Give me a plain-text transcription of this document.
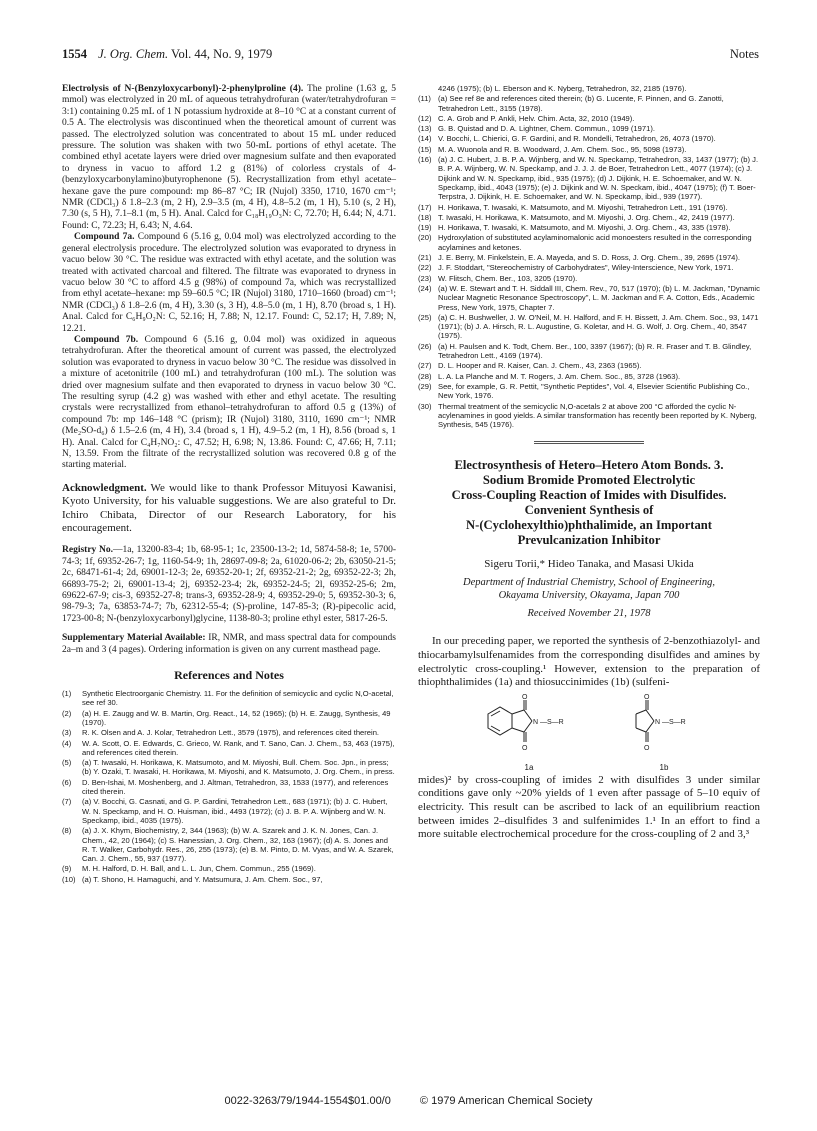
1554 J. Org. Chem. Vol. 44, No. 9, 1979	Notes

Electrolysis of N-(Benzyloxycarbonyl)-2-phenylproline (4). The proline (1.63 g, 5 mmol) was electrolyzed in 20 mL of aqueous tetrahydrofuran (water/tetrahydrofuran = 3:1) containing 0.25 mL of 1 N potassium hydroxide at 8–10 °C at a constant current of 0.5 A. The electrolysis was discontinued when the theoretical amount of current was passed. The electrolyzed solution was concentrated to about 15 mL under reduced pressure. The solution was shaken with two 50-mL portions of ethyl acetate. The combined ethyl acetate layers were dried over magnesium sulfate and then evaporated to dryness in vacuo to afford 1.2 g (81%) of colorless crystals of 4-(benzyloxycarbonylamino)butyrophenone (5). Recrystallization from ethyl acetate–hexane gave the pure compound: mp 86–87 °C; IR (Nujol) 3350, 1710, 1670 cm⁻¹; NMR (CDCl₃) δ 1.8–2.3 (m, 2 H), 2.9–3.5 (m, 4 H), 4.8–5.2 (m, 1 H), 5.10 (s, 2 H), 7.30 (s, 5 H), 7.1–8.1 (m, 5 H). Anal. Calcd for C₁₈H₁₉O₃N: C, 72.70; H, 6.44; N, 4.71. Found: C, 72.23; H, 6.43; N, 4.64.

Compound 7a. Compound 6 (5.16 g, 0.04 mol) was electrolyzed according to the general electrolysis procedure. The electrolyzed solution was evaporated to dryness in vacuo below 30 °C. The residue was extracted with ethyl acetate, and the solution was treated with activated charcoal and filtered. The filtrate was evaporated to dryness in vacuo below 30 °C to afford 4.5 g (98%) of compound 7a, which was recrystallized from ethyl acetate–hexane: mp 59–60.5 °C; IR (Nujol) 3180, 1710–1660 (broad) cm⁻¹; NMR (CDCl₃) δ 1.8–2.6 (m, 4 H), 3.30 (s, 3 H), 4.8–5.0 (m, 1 H), 8.70 (broad s, 1 H). Anal. Calcd for C₆H₉O₂N: C, 52.16; H, 7.88; N, 12.17. Found: C, 52.17; H, 7.89; N, 12.21.

Compound 7b. Compound 6 (5.16 g, 0.04 mol) was oxidized in aqueous tetrahydrofuran. After the theoretical amount of current was passed, the electrolyzed solution was evaporated to dryness in vacuo below 30 °C. The residue was dissolved in a mixture of acetonitrile (100 mL) and tetrahydrofuran (100 mL). The solution was dried over magnesium sulfate and then evaporated to dryness in vacuo below 30 °C. The resulting syrup (4.2 g) was washed with ether and ethyl acetate. The resulting crystals were recrystallized from ethanol–tetrahydrofuran to afford 0.5 g (13%) of compound 7b: mp 146–148 °C (prism); IR (Nujol) 3180, 3110, 1690 cm⁻¹; NMR (Me₂SO-d₆) δ 1.5–2.6 (m, 4 H), 3.4 (broad s, 1 H), 4.9–5.2 (m, 1 H), 8.56 (broad s, 1 H). Anal. Calcd for C₄H₇NO₂: C, 47.52; H, 6.98; N, 13.86. Found: C, 47.66; H, 7.11; N, 13.59. From the filtrate of the recrystallized solution was recovered 0.8 g of the starting material.

Acknowledgment. We would like to thank Professor Mituyosi Kawanisi, Kyoto University, for his valuable suggestions. We are also grateful to Dr. Ichiro Chibata, Director of our Research Laboratory, for his encouragement.

Registry No.—1a, 13200-83-4; 1b, 68-95-1; 1c, 23500-13-2; 1d, 5874-58-8; 1e, 5700-74-3; 1f, 69352-26-7; 1g, 1160-54-9; 1h, 28697-09-8; 2a, 61020-06-2; 2b, 63050-21-5; 2c, 68471-61-4; 2d, 69001-12-3; 2e, 69352-20-1; 2f, 69352-21-2; 2g, 69352-22-3; 2h, 66893-75-2; 2i, 69001-13-4; 2j, 69352-23-4; 2k, 69352-24-5; 2l, 69352-25-6; 2m, 69622-67-9; cis-3, 69352-27-8; trans-3, 69352-28-9; 4, 69352-29-0; 5, 69352-30-3; 6, 98-79-3; 7a, 63853-74-7; 7b, 62312-55-4; (S)-proline, 147-85-3; (R)-pipecolic acid, 1723-00-8; N-(benzyloxycarbonyl)glycine, 1138-80-3; proline ethyl ester, 5817-26-5.

Supplementary Material Available: IR, NMR, and mass spectral data for compounds 2a–m and 3 (4 pages). Ordering information is given on any current masthead page.

References and Notes
(1)	Synthetic Electroorganic Chemistry. 11. For the definition of semicyclic and cyclic N,O-acetal, see ref 30.
(2)	(a) H. E. Zaugg and W. B. Martin, Org. React., 14, 52 (1965); (b) H. E. Zaugg, Synthesis, 49 (1970).
(3)	R. K. Olsen and A. J. Kolar, Tetrahedron Lett., 3579 (1975), and references cited therein.
(4)	W. A. Scott, O. E. Edwards, C. Grieco, W. Rank, and T. Sano, Can. J. Chem., 53, 463 (1975), and references cited therein.
(5)	(a) T. Iwasaki, H. Horikawa, K. Matsumoto, and M. Miyoshi, Bull. Chem. Soc. Jpn., in press; (b) Y. Ozaki, T. Iwasaki, H. Horikawa, M. Miyoshi, and K. Matsumoto, J. Org. Chem., in press.
(6)	D. Ben-Ishai, M. Moshenberg, and J. Altman, Tetrahedron, 33, 1533 (1977), and references cited therein.
(7)	(a) V. Bocchi, G. Casnati, and G. P. Gardini, Tetrahedron Lett., 683 (1971); (b) J. C. Hubert, W. N. Speckamp, and H. O. Huisman, ibid., 4493 (1972); (c) J. B. P. A. Wijnberg and W. N. Speckamp, ibid., 4035 (1975).
(8)	(a) J. X. Khym, Biochemistry, 2, 344 (1963); (b) W. A. Szarek and J. K. N. Jones, Can. J. Chem., 42, 20 (1964); (c) S. Hanessian, J. Org. Chem., 32, 163 (1967); (d) A. S. Jones and R. T. Walker, Carbohydr. Res., 26, 255 (1973); (e) B. M. Pinto, D. M. Vyas, and W. A. Szarek, Can. J. Chem., 55, 937 (1977).
(9)	M. H. Halford, D. H. Ball, and L. L. Jun, Chem. Commun., 255 (1969).
(10) (a) T. Shono, H. Hamaguchi, and Y. Matsumura, J. Am. Chem. Soc., 97,
4246 (1975); (b) L. Eberson and K. Nyberg, Tetrahedron, 32, 2185 (1976).
(11) (a) See ref 8e and references cited therein; (b) G. Lucente, F. Pinnen, and G. Zanotti, Tetrahedron Lett., 3155 (1978).
(12) C. A. Grob and P. Ankli, Helv. Chim. Acta, 32, 2010 (1949).
(13) G. B. Quistad and D. A. Lightner, Chem. Commun., 1099 (1971).
(14) V. Bocchi, L. Chierici, G. F. Gardini, and R. Mondelli, Tetrahedron, 26, 4073 (1970).
(15) M. A. Wuonola and R. B. Woodward, J. Am. Chem. Soc., 95, 5098 (1973).
(16) (a) J. C. Hubert, J. B. P. A. Wijnberg, and W. N. Speckamp, Tetrahedron, 33, 1437 (1977); (b) J. B. P. A. Wijnberg, W. N. Speckamp, and J. J. J. de Boer, Tetrahedron Lett., 4077 (1974); (c) J. Dijkink and W. N. Speckamp, ibid., 935 (1975); (d) J. Dijkink, H. E. Schoemaker, and W. N. Speckamp, ibid., 4043 (1975); (e) J. Dijkink and W. N. Speckam, ibid., 4047 (1975); (f) T. Boer-Terpstra, J. Dijkink, H. E. Schoemaker, and W. N. Speckamp, ibid., 939 (1977).
(17) H. Horikawa, T. Iwasaki, K. Matsumoto, and M. Miyoshi, Tetrahedron Lett., 191 (1976).
(18) T. Iwasaki, H. Horikawa, K. Matsumoto, and M. Miyoshi, J. Org. Chem., 42, 2419 (1977).
(19) H. Horikawa, T. Iwasaki, K. Matsumoto, and M. Miyoshi, J. Org. Chem., 43, 335 (1978).
(20) Hydroxylation of substituted acylaminomalonic acid monoesters resulted in the corresponding acylamines and ketones.
(21) J. E. Berry, M. Finkelstein, E. A. Mayeda, and S. D. Ross, J. Org. Chem., 39, 2695 (1974).
(22) J. F. Stoddart, "Stereochemistry of Carbohydrates", Wiley-Interscience, New York, 1971.
(23) W. Flitsch, Chem. Ber., 103, 3205 (1970).
(24) (a) W. E. Stewart and T. H. Siddall III, Chem. Rev., 70, 517 (1970); (b) L. M. Jackman, "Dynamic Nuclear Magnetic Resonance Spectroscopy", L. M. Jackman and F. A. Cotton, Eds., Academic Press, New York, 1975, Chapter 7.
(25) (a) C. H. Bushweller, J. W. O'Neil, M. H. Halford, and F. H. Bissett, J. Am. Chem. Soc., 93, 1471 (1971); (b) J. A. Hirsch, R. L. Augustine, G. Koletar, and H. G. Wolf, J. Org. Chem., 40, 3547 (1975).
(26) (a) H. Paulsen and K. Todt, Chem. Ber., 100, 3397 (1967); (b) R. R. Fraser and T. B. Glindley, Tetrahedron Lett., 4169 (1974).
(27) D. L. Hooper and R. Kaiser, Can. J. Chem., 43, 2363 (1965).
(28) L. A. La Planche and M. T. Rogers, J. Am. Chem. Soc., 85, 3728 (1963).
(29) See, for example, G. R. Pettit, "Synthetic Peptides", Vol. 4, Elsevier Scientific Publishing Co., New York, 1976.
(30) Thermal treatment of the semicyclic N,O-acetals 2 at above 200 °C afforded the cyclic N-acylenamines in good yields. A similar transformation has recently been reported by K. Nyberg, Synthesis, 545 (1976).

Electrosynthesis of Hetero–Hetero Atom Bonds. 3.

Sodium Bromide Promoted Electrolytic

Cross-Coupling Reaction of Imides with Disulfides.

Convenient Synthesis of

N-(Cyclohexylthio)phthalimide, an Important

Prevulcanization Inhibitor

Sigeru Torii,* Hideo Tanaka, and Masasi Ukida

Department of Industrial Chemistry, School of Engineering,
Okayama University, Okayama, Japan 700

Received November 21, 1978

In our preceding paper, we reported the synthesis of 2-benzothiazolyl- and thiocarbamylsulfenamides from the corresponding disulfides and amines by electrolytic cross-coupling.¹ However, extension to the preparation of thiophthalimides (1a) and thiosuccinimides (1b) (sulfeni-

O
O
N —S—R
1a
O
O
N —S—R
1b

mides)² by cross-coupling of imides 2 with disulfides 3 under similar conditions gave only ~20% yields of 1 even after passage of 5–10 equiv of electricity. This result can be ascribed to lack of an equilibrium reaction between imides 2–disulfides 3 and sulfenimides 1.¹ In an effort to find a more suitable electrochemical procedure for the cross-coupling of 2 and 3,³

0022-3263/79/1944-1554$01.00/0	© 1979 American Chemical Society
